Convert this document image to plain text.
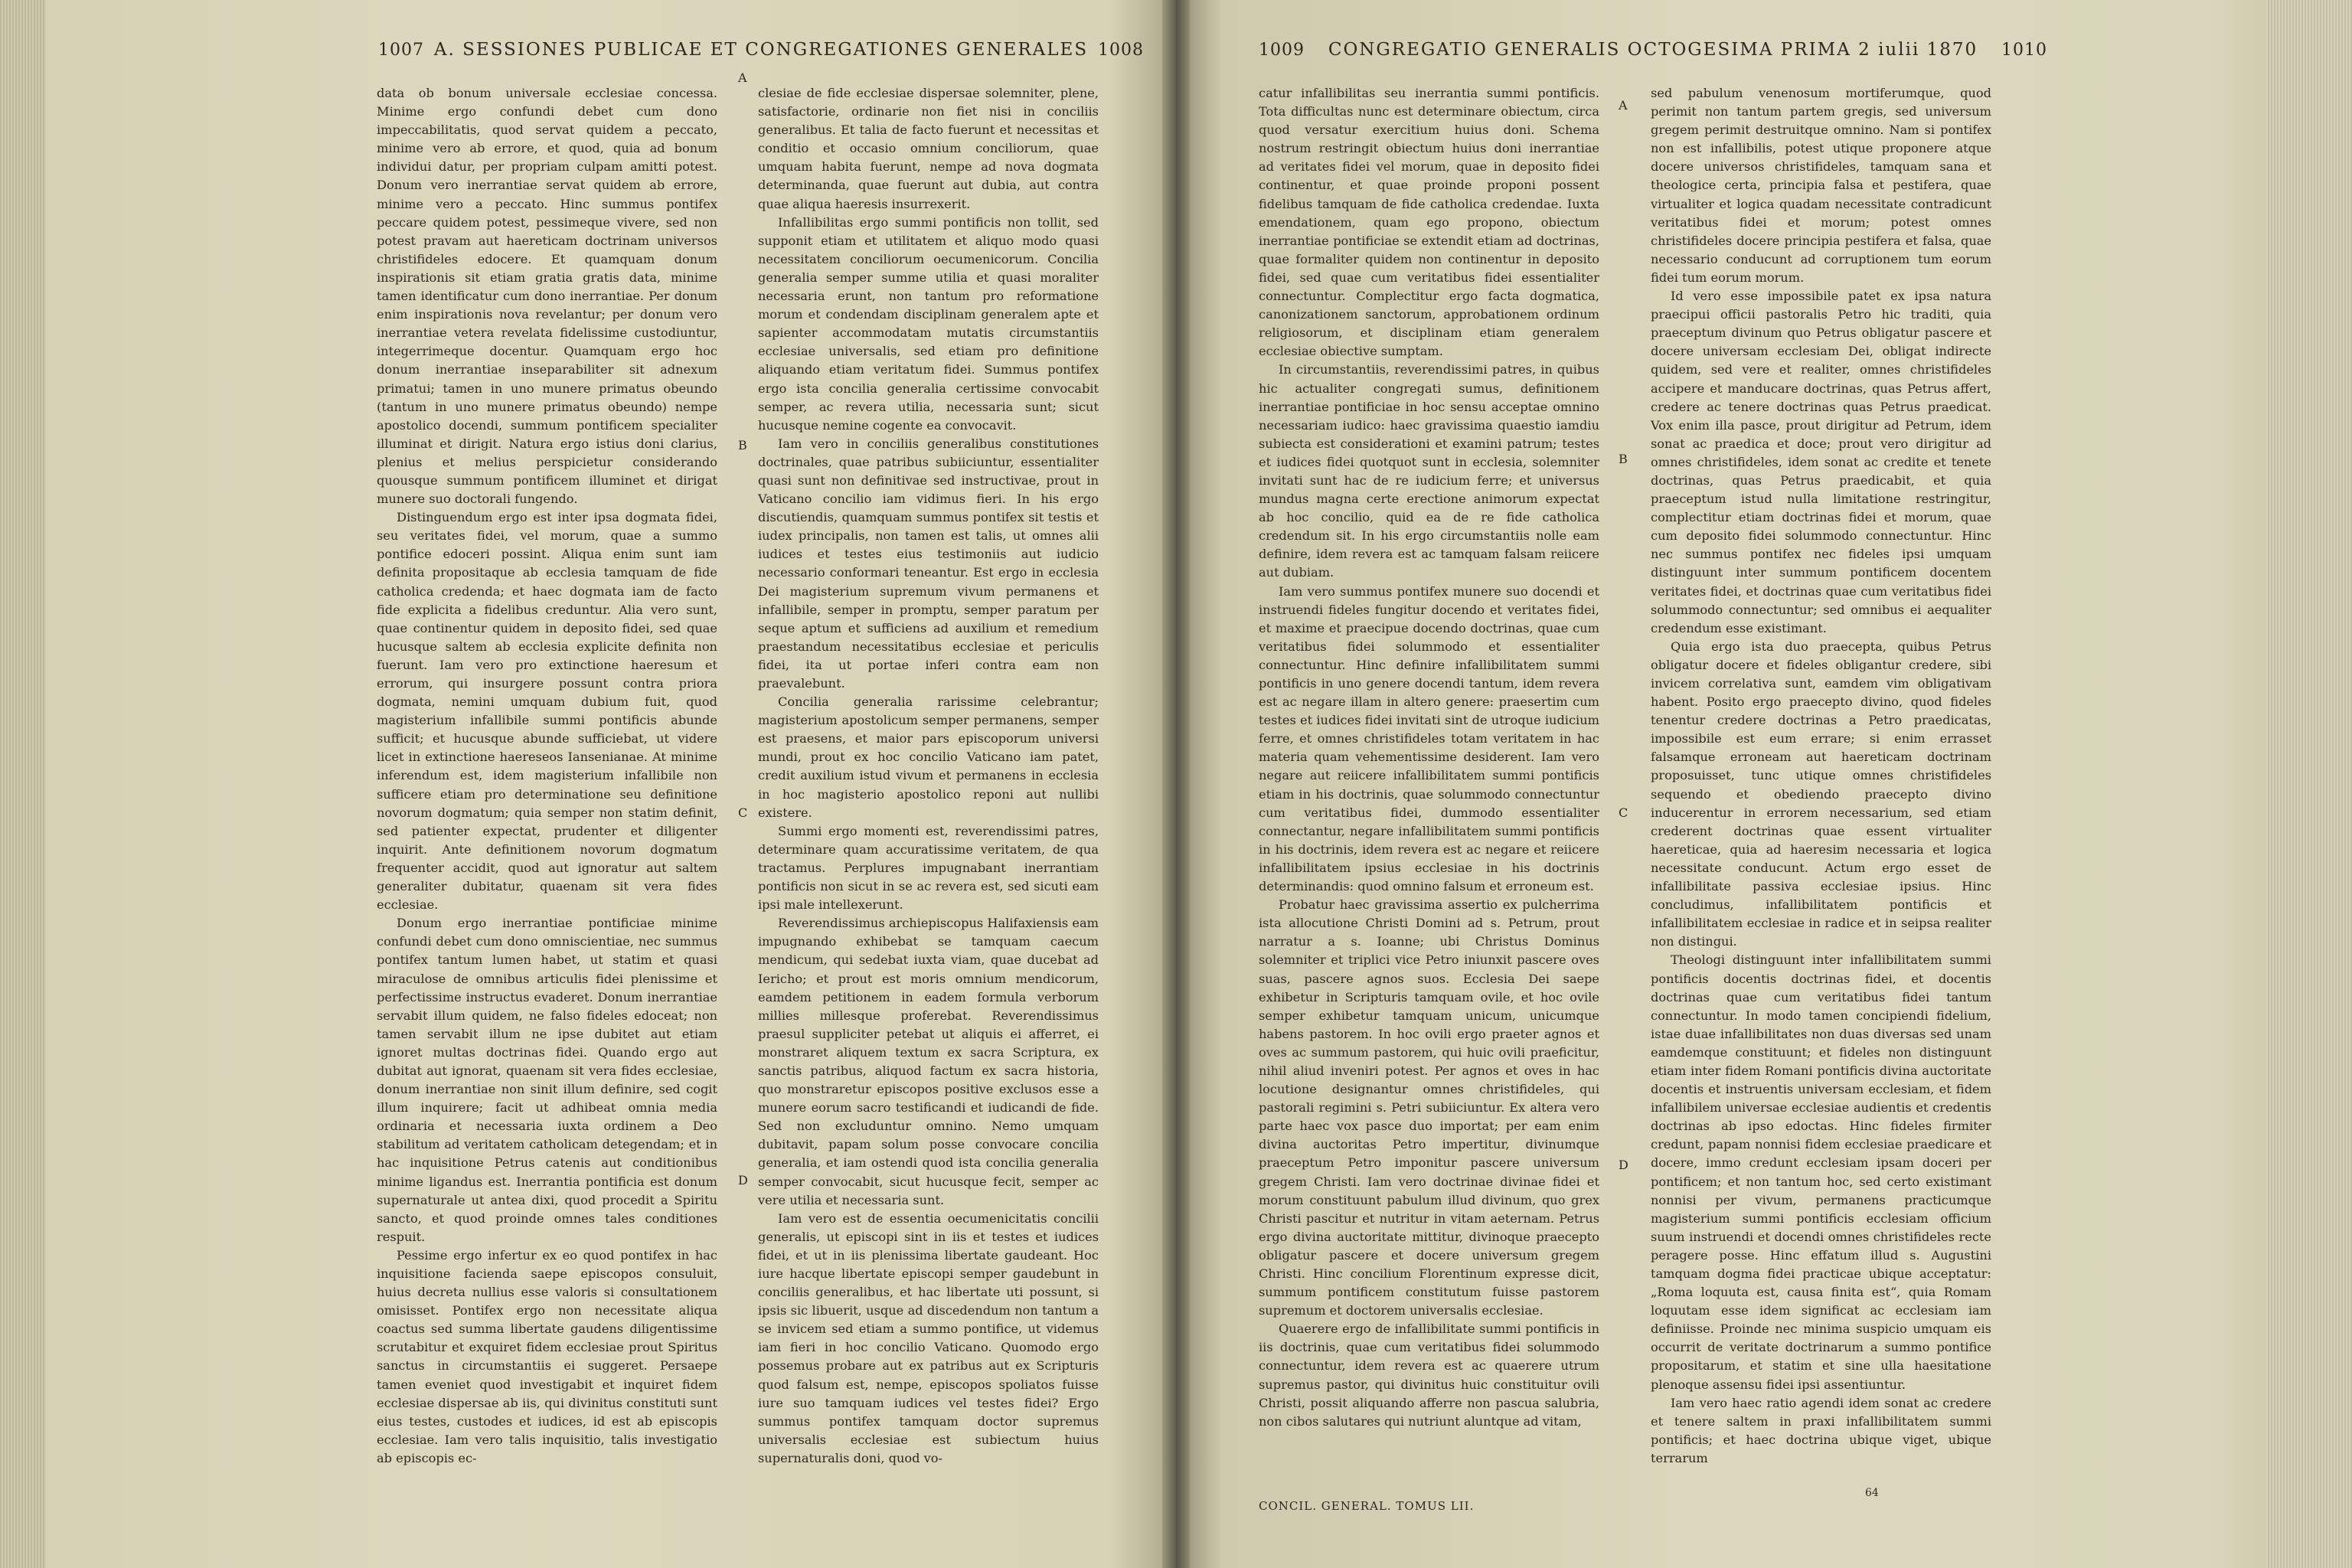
1007 A. SESSIONES PUBLICAE ET CONGREGATIONES GENERALES 1008

data ob bonum universale ecclesiae concessa. Minime ergo confundi debet cum dono impeccabilitatis, quod servat quidem a peccato, minime vero ab errore, et quod, quia ad bonum individui datur, per propriam culpam amitti potest. Donum vero inerrantiae servat quidem ab errore, minime vero a peccato. Hinc summus pontifex peccare quidem potest, pessimeque vivere, sed non potest pravam aut haereticam doctrinam universos christifideles edocere. Et quamquam donum inspirationis sit etiam gratia gratis data, minime tamen identificatur cum dono inerrantiae. Per donum enim inspirationis nova revelantur; per donum vero inerrantiae vetera revelata fidelissime custodiuntur, integerrimeque docentur. Quamquam ergo hoc donum inerrantiae inseparabiliter sit adnexum primatui; tamen in uno munere primatus obeundo (tantum in uno munere primatus obeundo) nempe apostolico docendi, summum pontificem specialiter illuminat et dirigit. Natura ergo istius doni clarius, plenius et melius perspicietur considerando quousque summum pontificem illuminet et dirigat munere suo doctorali fungendo.

Distinguendum ergo est inter ipsa dogmata fidei, seu veritates fidei, vel morum, quae a summo pontifice edoceri possint. Aliqua enim sunt iam definita propositaque ab ecclesia tamquam de fide catholica credenda; et haec dogmata iam de facto fide explicita a fidelibus creduntur. Alia vero sunt, quae continentur quidem in deposito fidei, sed quae hucusque saltem ab ecclesia explicite definita non fuerunt. Iam vero pro extinctione haeresum et errorum, qui insurgere possunt contra priora dogmata, nemini umquam dubium fuit, quod magisterium infallibile summi pontificis abunde sufficit; et hucusque abunde sufficiebat, ut videre licet in extinctione haereseos Iansenianae. At minime inferendum est, idem magisterium infallibile non sufficere etiam pro determinatione seu definitione novorum dogmatum; quia semper non statim definit, sed patienter expectat, prudenter et diligenter inquirit. Ante definitionem novorum dogmatum frequenter accidit, quod aut ignoratur aut saltem generaliter dubitatur, quaenam sit vera fides ecclesiae.

Donum ergo inerrantiae pontificiae minime confundi debet cum dono omniscientiae, nec summus pontifex tantum lumen habet, ut statim et quasi miraculose de omnibus articulis fidei plenissime et perfectissime instructus evaderet. Donum inerrantiae servabit illum quidem, ne falso fideles edoceat; non tamen servabit illum ne ipse dubitet aut etiam ignoret multas doctrinas fidei. Quando ergo aut dubitat aut ignorat, quaenam sit vera fides ecclesiae, donum inerrantiae non sinit illum definire, sed cogit illum inquirere; facit ut adhibeat omnia media ordinaria et necessaria iuxta ordinem a Deo stabilitum ad veritatem catholicam detegendam; et in hac inquisitione Petrus catenis aut conditionibus minime ligandus est. Inerrantia pontificia est donum supernaturale ut antea dixi, quod procedit a Spiritu sancto, et quod proinde omnes tales conditiones respuit.

Pessime ergo infertur ex eo quod pontifex in hac inquisitione facienda saepe episcopos consuluit, huius decreta nullius esse valoris si consultationem omisisset. Pontifex ergo non necessitate aliqua coactus sed summa libertate gaudens diligentissime scrutabitur et exquiret fidem ecclesiae prout Spiritus sanctus in circumstantiis ei suggeret. Persaepe tamen eveniet quod investigabit et inquiret fidem ecclesiae dispersae ab iis, qui divinitus constituti sunt eius testes, custodes et iudices, id est ab episcopis ecclesiae. Iam vero talis inquisitio, talis investigatio ab episcopis ec-

clesiae de fide ecclesiae dispersae solemniter, plene, satisfactorie, ordinarie non fiet nisi in conciliis generalibus. Et talia de facto fuerunt et necessitas et conditio et occasio omnium conciliorum, quae umquam habita fuerunt, nempe ad nova dogmata determinanda, quae fuerunt aut dubia, aut contra quae aliqua haeresis insurrexerit.

Infallibilitas ergo summi pontificis non tollit, sed supponit etiam et utilitatem et aliquo modo quasi necessitatem conciliorum oecumenicorum. Concilia generalia semper summe utilia et quasi moraliter necessaria erunt, non tantum pro reformatione morum et condendam disciplinam generalem apte et sapienter accommodatam mutatis circumstantiis ecclesiae universalis, sed etiam pro definitione aliquando etiam veritatum fidei. Summus pontifex ergo ista concilia generalia certissime convocabit semper, ac revera utilia, necessaria sunt; sicut hucusque nemine cogente ea convocavit.

Iam vero in conciliis generalibus constitutiones doctrinales, quae patribus subiiciuntur, essentialiter quasi sunt non definitivae sed instructivae, prout in Vaticano concilio iam vidimus fieri. In his ergo discutiendis, quamquam summus pontifex sit testis et iudex principalis, non tamen est talis, ut omnes alii iudices et testes eius testimoniis aut iudicio necessario conformari teneantur. Est ergo in ecclesia Dei magisterium supremum vivum permanens et infallibile, semper in promptu, semper paratum per seque aptum et sufficiens ad auxilium et remedium praestandum necessitatibus ecclesiae et periculis fidei, ita ut portae inferi contra eam non praevalebunt.

Concilia generalia rarissime celebrantur; magisterium apostolicum semper permanens, semper est praesens, et maior pars episcoporum universi mundi, prout ex hoc concilio Vaticano iam patet, credit auxilium istud vivum et permanens in ecclesia in hoc magisterio apostolico reponi aut nullibi existere.

Summi ergo momenti est, reverendissimi patres, determinare quam accuratissime veritatem, de qua tractamus. Perplures impugnabant inerrantiam pontificis non sicut in se ac revera est, sed sicuti eam ipsi male intellexerunt.

Reverendissimus archiepiscopus Halifaxiensis eam impugnando exhibebat se tamquam caecum mendicum, qui sedebat iuxta viam, quae ducebat ad Iericho; et prout est moris omnium mendicorum, eamdem petitionem in eadem formula verborum millies millesque proferebat. Reverendissimus praesul suppliciter petebat ut aliquis ei afferret, ei monstraret aliquem textum ex sacra Scriptura, ex sanctis patribus, aliquod factum ex sacra historia, quo monstraretur episcopos positive exclusos esse a munere eorum sacro testificandi et iudicandi de fide. Sed non excluduntur omnino. Nemo umquam dubitavit, papam solum posse convocare concilia generalia, et iam ostendi quod ista concilia generalia semper convocabit, sicut hucusque fecit, semper ac vere utilia et necessaria sunt.

Iam vero est de essentia oecumenicitatis concilii generalis, ut episcopi sint in iis et testes et iudices fidei, et ut in iis plenissima libertate gaudeant. Hoc iure hacque libertate episcopi semper gaudebunt in conciliis generalibus, et hac libertate uti possunt, si ipsis sic libuerit, usque ad discedendum non tantum a se invicem sed etiam a summo pontifice, ut videmus iam fieri in hoc concilio Vaticano. Quomodo ergo possemus probare aut ex patribus aut ex Scripturis quod falsum est, nempe, episcopos spoliatos fuisse iure suo tamquam iudices vel testes fidei? Ergo summus pontifex tamquam doctor supremus universalis ecclesiae est subiectum huius supernaturalis doni, quod vo-

A
B
C
D
1009 CONGREGATIO GENERALIS OCTOGESIMA PRIMA 2 iulii 1870 1010

catur infallibilitas seu inerrantia summi pontificis. Tota difficultas nunc est determinare obiectum, circa quod versatur exercitium huius doni. Schema nostrum restringit obiectum huius doni inerrantiae ad veritates fidei vel morum, quae in deposito fidei continentur, et quae proinde proponi possent fidelibus tamquam de fide catholica credendae. Iuxta emendationem, quam ego propono, obiectum inerrantiae pontificiae se extendit etiam ad doctrinas, quae formaliter quidem non continentur in deposito fidei, sed quae cum veritatibus fidei essentialiter connectuntur. Complectitur ergo facta dogmatica, canonizationem sanctorum, approbationem ordinum religiosorum, et disciplinam etiam generalem ecclesiae obiective sumptam.

In circumstantiis, reverendissimi patres, in quibus hic actualiter congregati sumus, definitionem inerrantiae pontificiae in hoc sensu acceptae omnino necessariam iudico: haec gravissima quaestio iamdiu subiecta est considerationi et examini patrum; testes et iudices fidei quotquot sunt in ecclesia, solemniter invitati sunt hac de re iudicium ferre; et universus mundus magna certe erectione animorum expectat ab hoc concilio, quid ea de re fide catholica credendum sit. In his ergo circumstantiis nolle eam definire, idem revera est ac tamquam falsam reiicere aut dubiam.

Iam vero summus pontifex munere suo docendi et instruendi fideles fungitur docendo et veritates fidei, et maxime et praecipue docendo doctrinas, quae cum veritatibus fidei solummodo et essentialiter connectuntur. Hinc definire infallibilitatem summi pontificis in uno genere docendi tantum, idem revera est ac negare illam in altero genere: praesertim cum testes et iudices fidei invitati sint de utroque iudicium ferre, et omnes christifideles totam veritatem in hac materia quam vehementissime desiderent. Iam vero negare aut reiicere infallibilitatem summi pontificis etiam in his doctrinis, quae solummodo connectuntur cum veritatibus fidei, dummodo essentialiter connectantur, negare infallibilitatem summi pontificis in his doctrinis, idem revera est ac negare et reiicere infallibilitatem ipsius ecclesiae in his doctrinis determinandis: quod omnino falsum et erroneum est.

Probatur haec gravissima assertio ex pulcherrima ista allocutione Christi Domini ad s. Petrum, prout narratur a s. Ioanne; ubi Christus Dominus solemniter et triplici vice Petro iniunxit pascere oves suas, pascere agnos suos. Ecclesia Dei saepe exhibetur in Scripturis tamquam ovile, et hoc ovile semper exhibetur tamquam unicum, unicumque habens pastorem. In hoc ovili ergo praeter agnos et oves ac summum pastorem, qui huic ovili praeficitur, nihil aliud inveniri potest. Per agnos et oves in hac locutione designantur omnes christifideles, qui pastorali regimini s. Petri subiiciuntur. Ex altera vero parte haec vox pasce duo importat; per eam enim divina auctoritas Petro impertitur, divinumque praeceptum Petro imponitur pascere universum gregem Christi. Iam vero doctrinae divinae fidei et morum constituunt pabulum illud divinum, quo grex Christi pascitur et nutritur in vitam aeternam. Petrus ergo divina auctoritate mittitur, divinoque praecepto obligatur pascere et docere universum gregem Christi. Hinc concilium Florentinum expresse dicit, summum pontificem constitutum fuisse pastorem supremum et doctorem universalis ecclesiae.

Quaerere ergo de infallibilitate summi pontificis in iis doctrinis, quae cum veritatibus fidei solummodo connectuntur, idem revera est ac quaerere utrum supremus pastor, qui divinitus huic constituitur ovili Christi, possit aliquando afferre non pascua salubria, non cibos salutares qui nutriunt aluntque ad vitam,

sed pabulum venenosum mortiferumque, quod perimit non tantum partem gregis, sed universum gregem perimit destruitque omnino. Nam si pontifex non est infallibilis, potest utique proponere atque docere universos christifideles, tamquam sana et theologice certa, principia falsa et pestifera, quae virtualiter et logica quadam necessitate contradicunt veritatibus fidei et morum; potest omnes christifideles docere principia pestifera et falsa, quae necessario conducunt ad corruptionem tum eorum fidei tum eorum morum.

Id vero esse impossibile patet ex ipsa natura praecipui officii pastoralis Petro hic traditi, quia praeceptum divinum quo Petrus obligatur pascere et docere universam ecclesiam Dei, obligat indirecte quidem, sed vere et realiter, omnes christifideles accipere et manducare doctrinas, quas Petrus affert, credere ac tenere doctrinas quas Petrus praedicat. Vox enim illa pasce, prout dirigitur ad Petrum, idem sonat ac praedica et doce; prout vero dirigitur ad omnes christifideles, idem sonat ac credite et tenete doctrinas, quas Petrus praedicabit, et quia praeceptum istud nulla limitatione restringitur, complectitur etiam doctrinas fidei et morum, quae cum deposito fidei solummodo connectuntur. Hinc nec summus pontifex nec fideles ipsi umquam distinguunt inter summum pontificem docentem veritates fidei, et doctrinas quae cum veritatibus fidei solummodo connectuntur; sed omnibus ei aequaliter credendum esse existimant.

Quia ergo ista duo praecepta, quibus Petrus obligatur docere et fideles obligantur credere, sibi invicem correlativa sunt, eamdem vim obligativam habent. Posito ergo praecepto divino, quod fideles tenentur credere doctrinas a Petro praedicatas, impossibile est eum errare; si enim errasset falsamque erroneam aut haereticam doctrinam proposuisset, tunc utique omnes christifideles sequendo et obediendo praecepto divino inducerentur in errorem necessarium, sed etiam crederent doctrinas quae essent virtualiter haereticae, quia ad haeresim necessaria et logica necessitate conducunt. Actum ergo esset de infallibilitate passiva ecclesiae ipsius. Hinc concludimus, infallibilitatem pontificis et infallibilitatem ecclesiae in radice et in seipsa realiter non distingui.

Theologi distinguunt inter infallibilitatem summi pontificis docentis doctrinas fidei, et docentis doctrinas quae cum veritatibus fidei tantum connectuntur. In modo tamen concipiendi fidelium, istae duae infallibilitates non duas diversas sed unam eamdemque constituunt; et fideles non distinguunt etiam inter fidem Romani pontificis divina auctoritate docentis et instruentis universam ecclesiam, et fidem infallibilem universae ecclesiae audientis et credentis doctrinas ab ipso edoctas. Hinc fideles firmiter credunt, papam nonnisi fidem ecclesiae praedicare et docere, immo credunt ecclesiam ipsam doceri per pontificem; et non tantum hoc, sed certo existimant nonnisi per vivum, permanens practicumque magisterium summi pontificis ecclesiam officium suum instruendi et docendi omnes christifideles recte peragere posse. Hinc effatum illud s. Augustini tamquam dogma fidei practicae ubique acceptatur: „Roma loquuta est, causa finita est“, quia Romam loquutam esse idem significat ac ecclesiam iam definiisse. Proinde nec minima suspicio umquam eis occurrit de veritate doctrinarum a summo pontifice propositarum, et statim et sine ulla haesitatione plenoque assensu fidei ipsi assentiuntur.

Iam vero haec ratio agendi idem sonat ac credere et tenere saltem in praxi infallibilitatem summi pontificis; et haec doctrina ubique viget, ubique terrarum

A
B
C
D
CONCIL. GENERAL. TOMUS LII.
64
